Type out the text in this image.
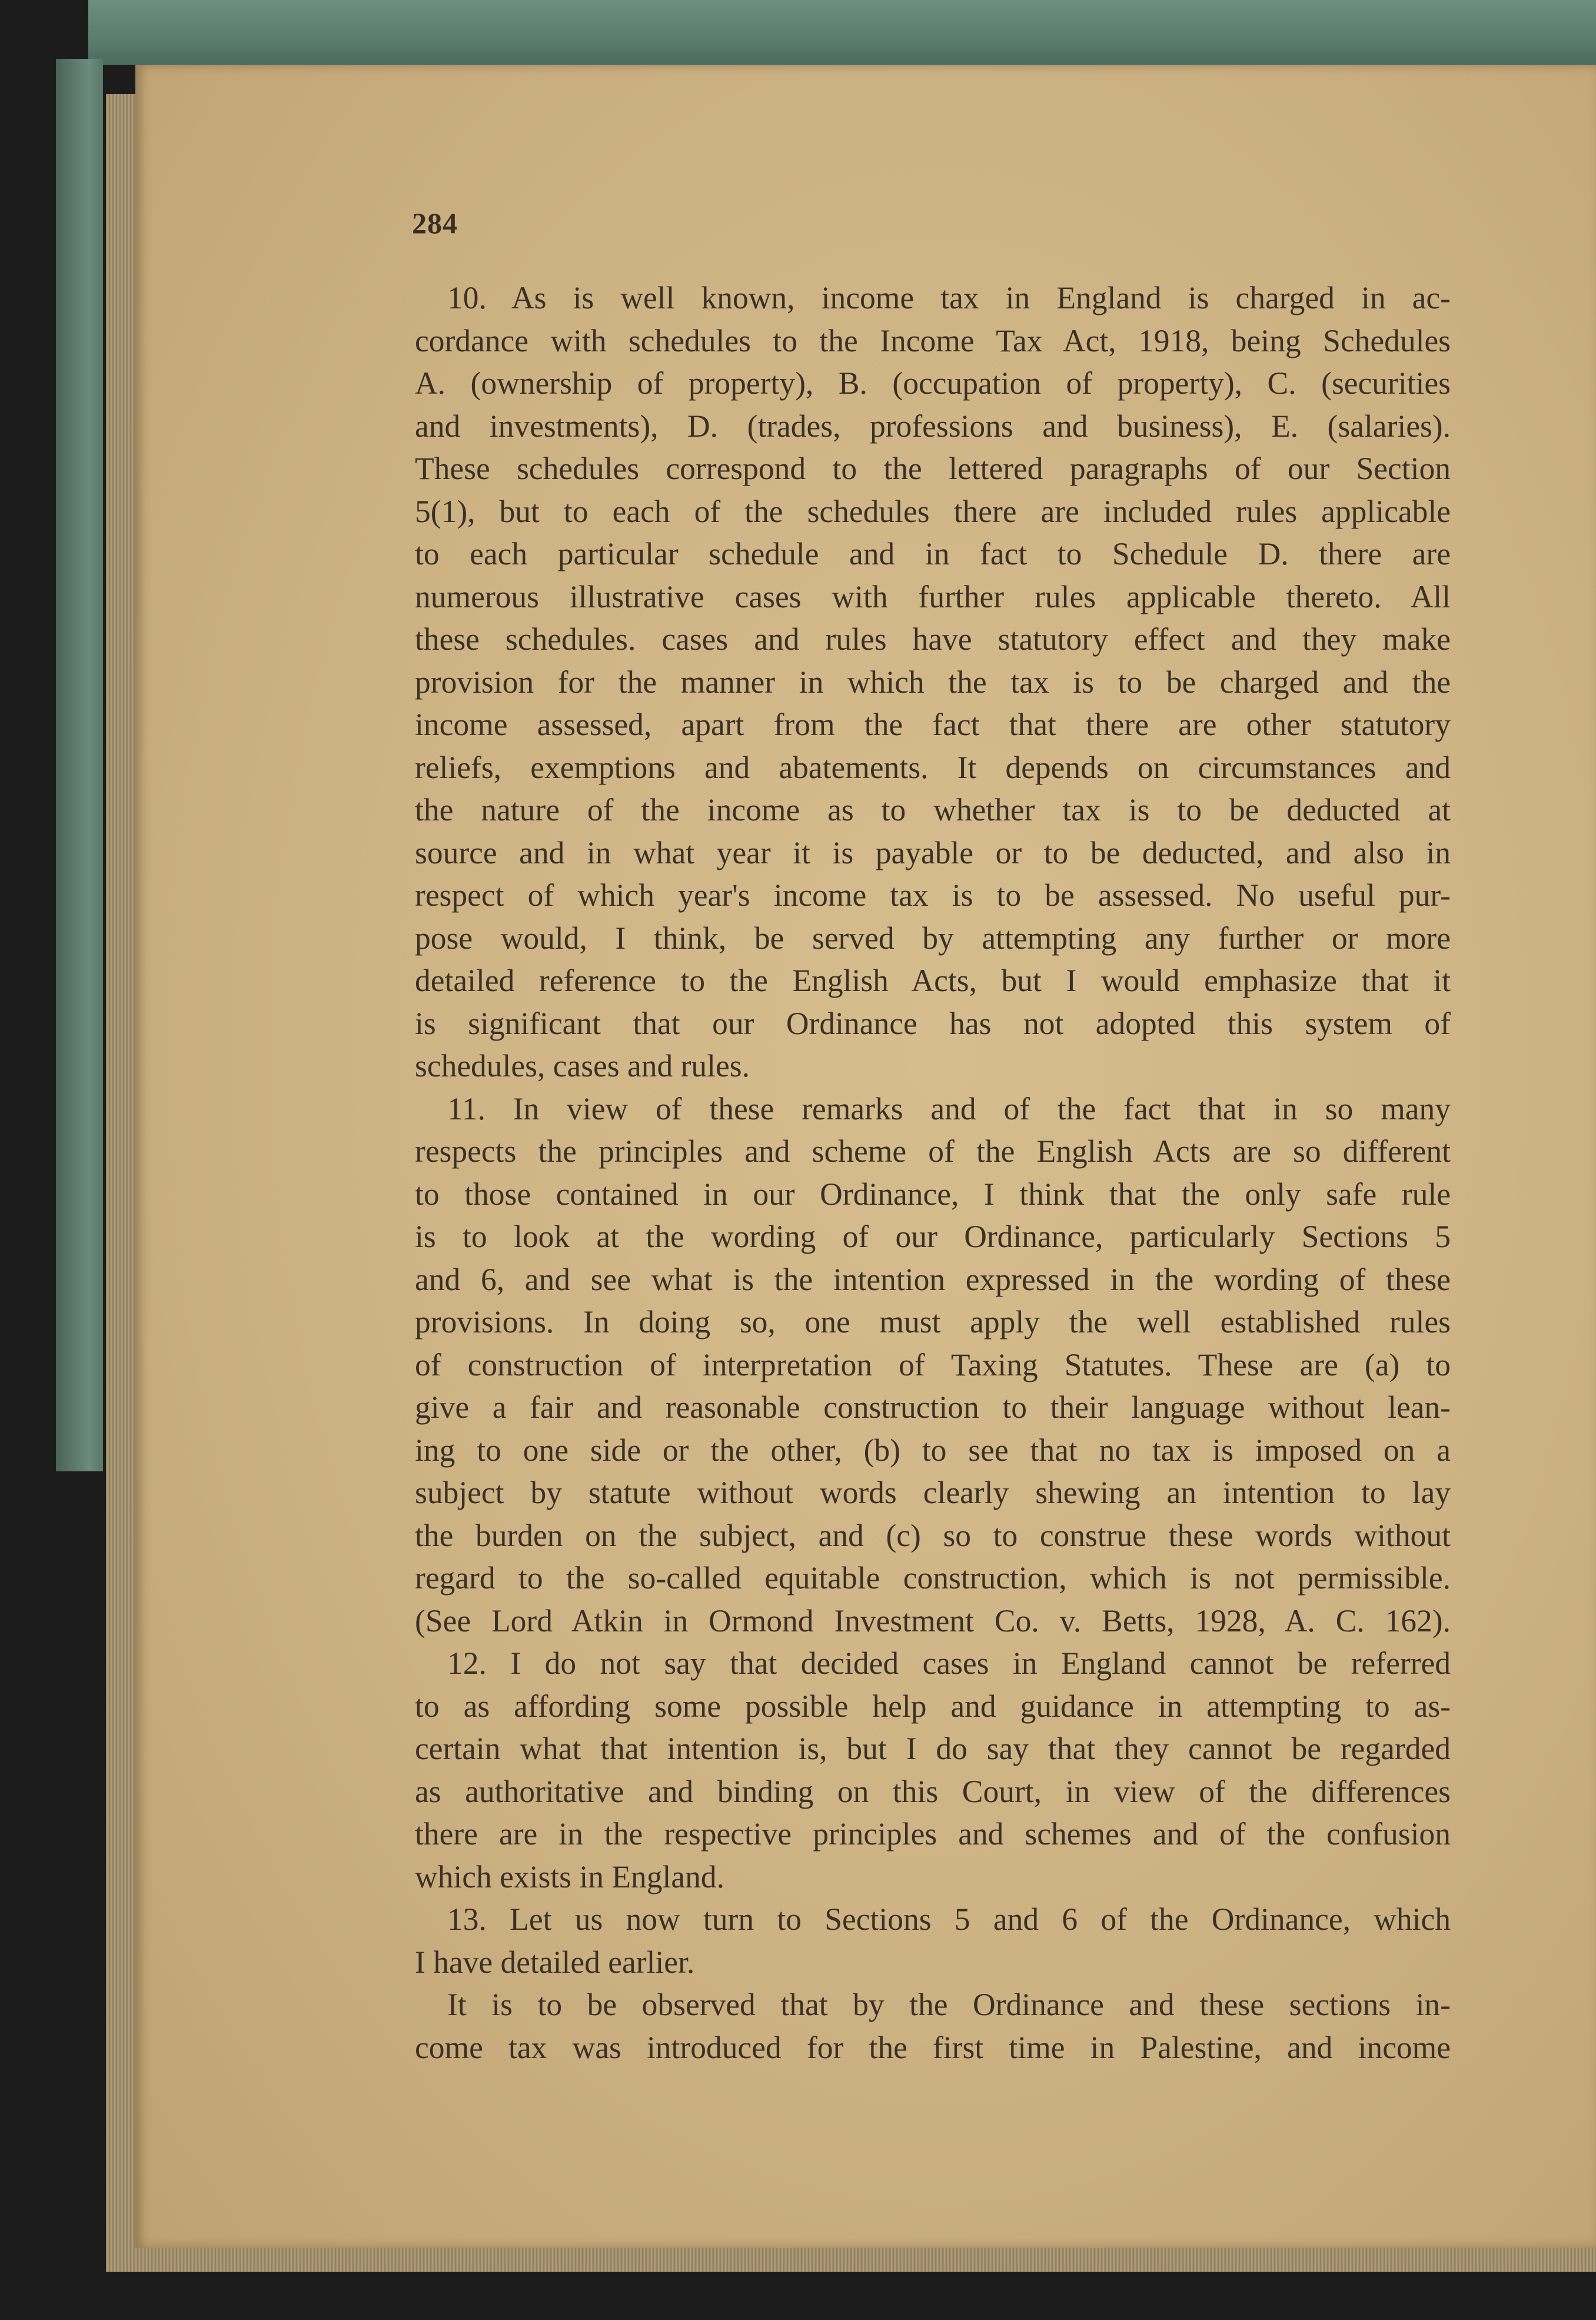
284

10. As is well known, income tax in England is charged in ac-

cordance with schedules to the Income Tax Act, 1918, being Schedules

A. (ownership of property), B. (occupation of property), C. (securities

and investments), D. (trades, professions and business), E. (salaries).

These schedules correspond to the lettered paragraphs of our Section

5(1), but to each of the schedules there are included rules applicable

to each particular schedule and in fact to Schedule D. there are

numerous illustrative cases with further rules applicable thereto. All

these schedules. cases and rules have statutory effect and they make

provision for the manner in which the tax is to be charged and the

income assessed, apart from the fact that there are other statutory

reliefs, exemptions and abatements. It depends on circumstances and

the nature of the income as to whether tax is to be deducted at

source and in what year it is payable or to be deducted, and also in

respect of which year's income tax is to be assessed. No useful pur-

pose would, I think, be served by attempting any further or more

detailed reference to the English Acts, but I would emphasize that it

is significant that our Ordinance has not adopted this system of

schedules, cases and rules.

11. In view of these remarks and of the fact that in so many

respects the principles and scheme of the English Acts are so different

to those contained in our Ordinance, I think that the only safe rule

is to look at the wording of our Ordinance, particularly Sections 5

and 6, and see what is the intention expressed in the wording of these

provisions. In doing so, one must apply the well established rules

of construction of interpretation of Taxing Statutes. These are (a) to

give a fair and reasonable construction to their language without lean-

ing to one side or the other, (b) to see that no tax is imposed on a

subject by statute without words clearly shewing an intention to lay

the burden on the subject, and (c) so to construe these words without

regard to the so-called equitable construction, which is not permissible.

(See Lord Atkin in Ormond Investment Co. v. Betts, 1928, A. C. 162).

12. I do not say that decided cases in England cannot be referred

to as affording some possible help and guidance in attempting to as-

certain what that intention is, but I do say that they cannot be regarded

as authoritative and binding on this Court, in view of the differences

there are in the respective principles and schemes and of the confusion

which exists in England.

13. Let us now turn to Sections 5 and 6 of the Ordinance, which

I have detailed earlier.

It is to be observed that by the Ordinance and these sections in-

come tax was introduced for the first time in Palestine, and income
